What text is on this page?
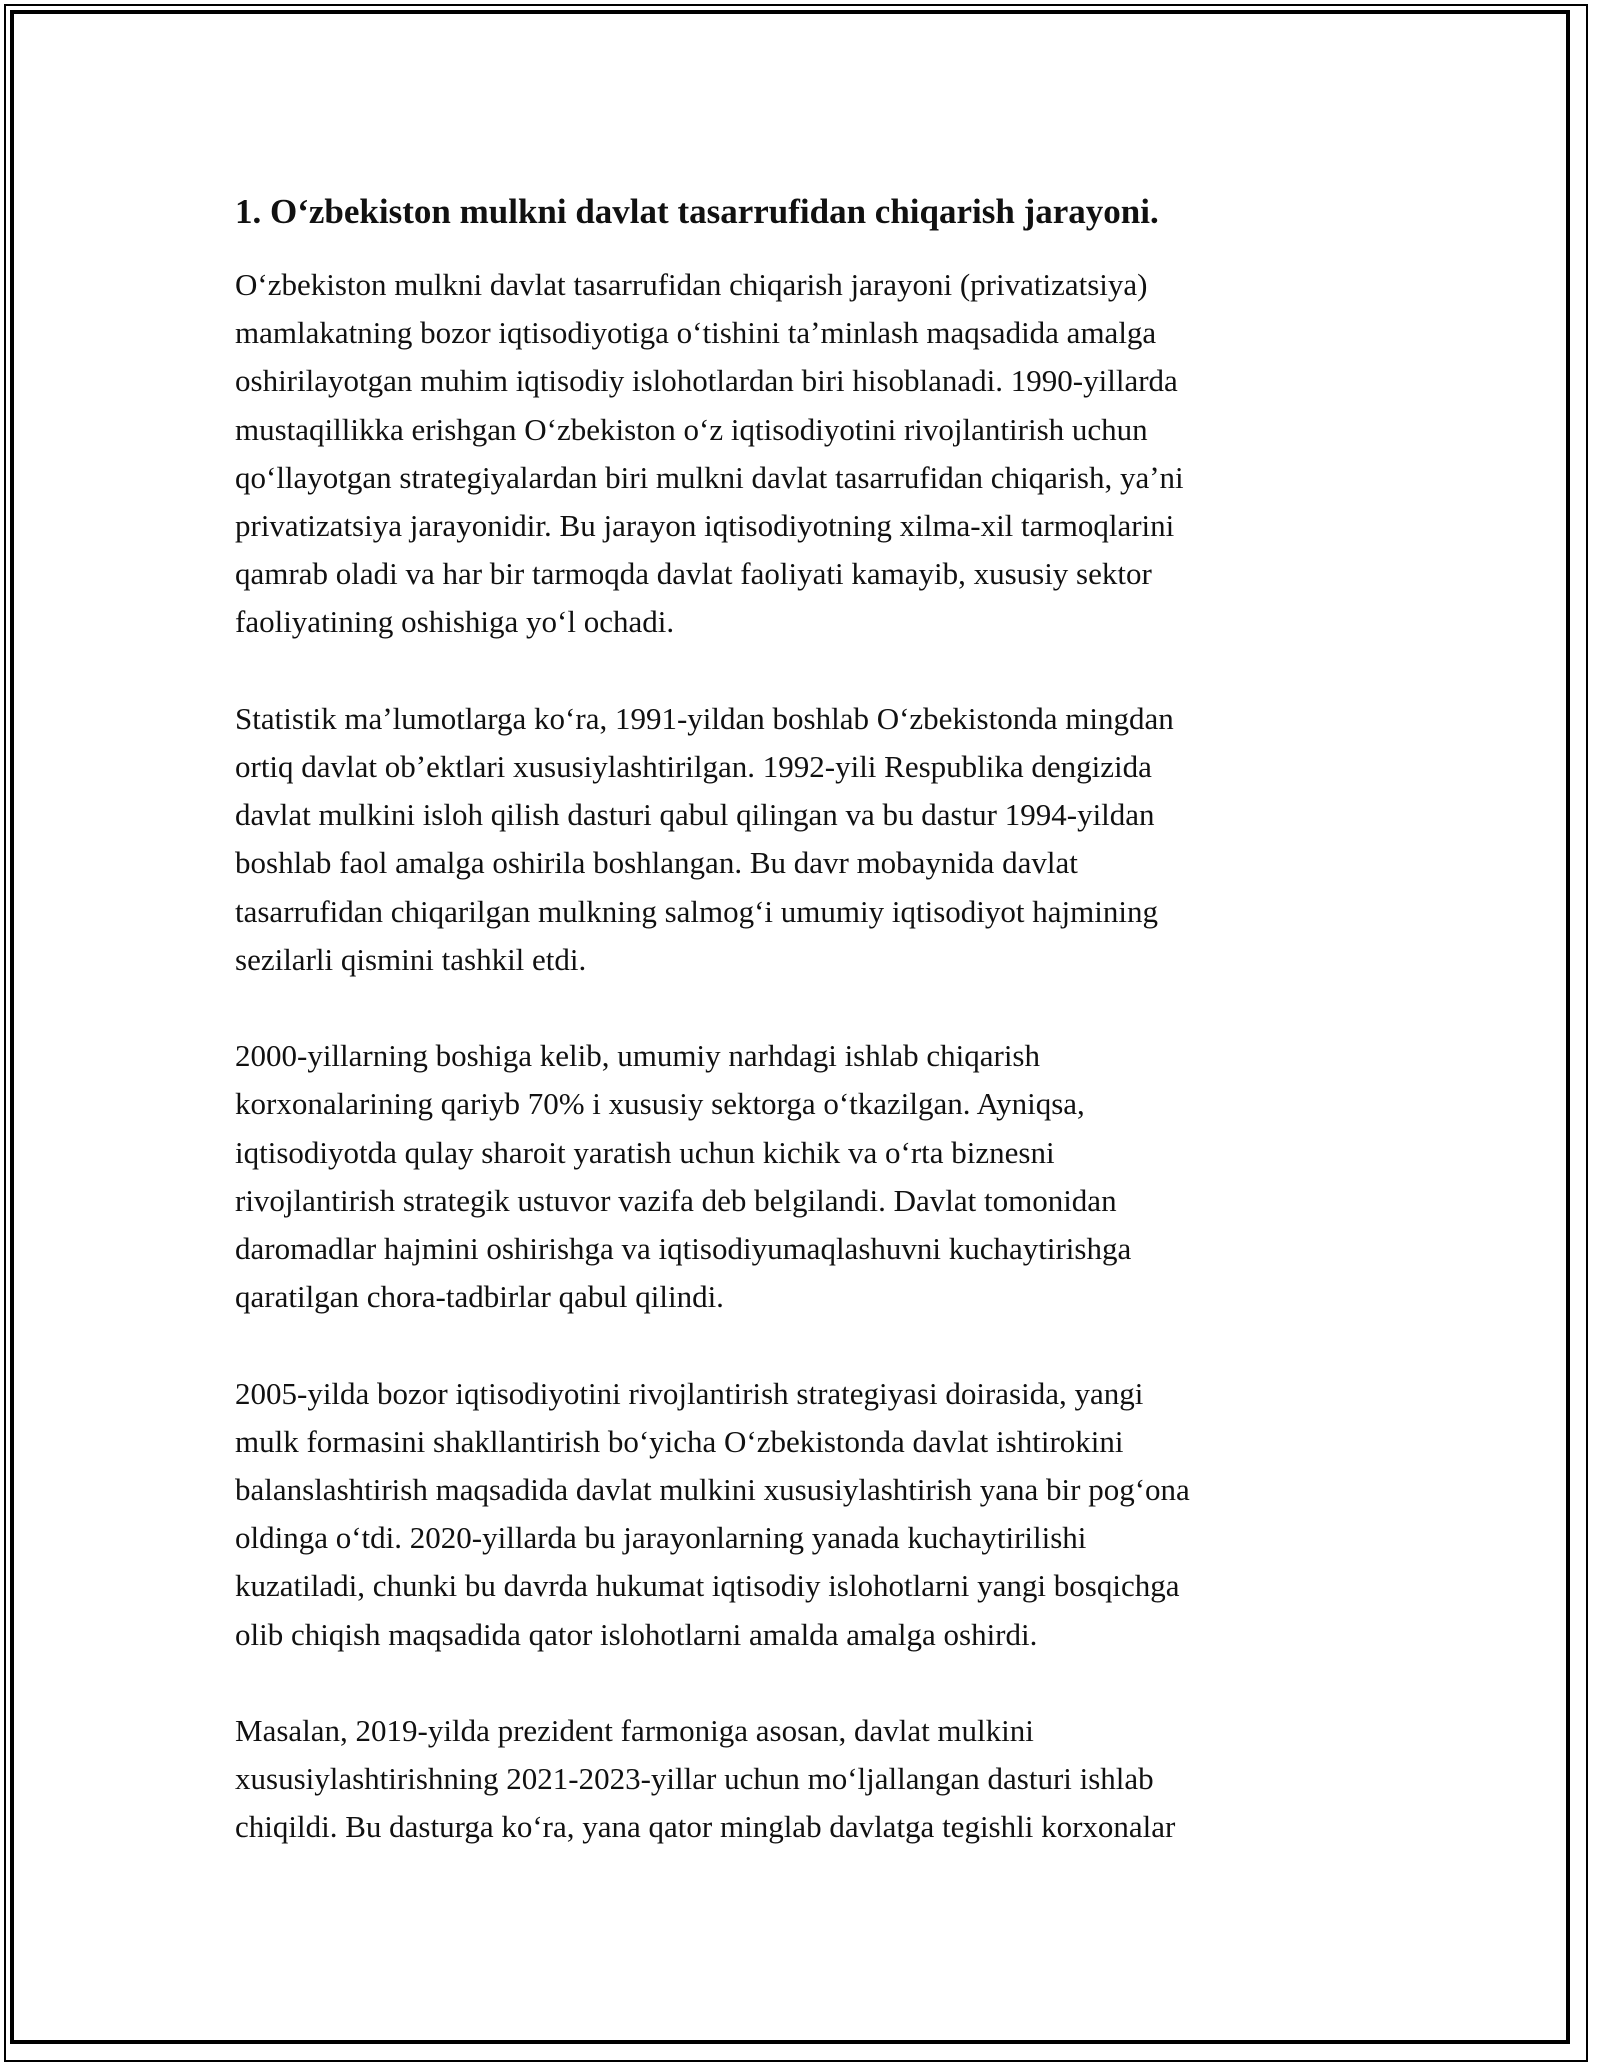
1. Oʻzbekiston mulkni davlat tasarrufidan chiqarish jarayoni.

Oʻzbekiston mulkni davlat tasarrufidan chiqarish jarayoni (privatizatsiya)
mamlakatning bozor iqtisodiyotiga oʻtishini taʼminlash maqsadida amalga
oshirilayotgan muhim iqtisodiy islohotlardan biri hisoblanadi. 1990-yillarda
mustaqillikka erishgan Oʻzbekiston oʻz iqtisodiyotini rivojlantirish uchun
qoʻllayotgan strategiyalardan biri mulkni davlat tasarrufidan chiqarish, yaʼni
privatizatsiya jarayonidir. Bu jarayon iqtisodiyotning xilma-xil tarmoqlarini
qamrab oladi va har bir tarmoqda davlat faoliyati kamayib, xususiy sektor
faoliyatining oshishiga yoʻl ochadi.

Statistik maʼlumotlarga koʻra, 1991-yildan boshlab Oʻzbekistonda mingdan
ortiq davlat obʼektlari xususiylashtirilgan. 1992-yili Respublika dengizida
davlat mulkini isloh qilish dasturi qabul qilingan va bu dastur 1994-yildan
boshlab faol amalga oshirila boshlangan. Bu davr mobaynida davlat
tasarrufidan chiqarilgan mulkning salmogʻi umumiy iqtisodiyot hajmining
sezilarli qismini tashkil etdi.

2000-yillarning boshiga kelib, umumiy narhdagi ishlab chiqarish
korxonalarining qariyb 70% i xususiy sektorga oʻtkazilgan. Ayniqsa,
iqtisodiyotda qulay sharoit yaratish uchun kichik va oʻrta biznesni
rivojlantirish strategik ustuvor vazifa deb belgilandi. Davlat tomonidan
daromadlar hajmini oshirishga va iqtisodiyumaqlashuvni kuchaytirishga
qaratilgan chora-tadbirlar qabul qilindi.

2005-yilda bozor iqtisodiyotini rivojlantirish strategiyasi doirasida, yangi
mulk formasini shakllantirish boʻyicha Oʻzbekistonda davlat ishtirokini
balanslashtirish maqsadida davlat mulkini xususiylashtirish yana bir pogʻona
oldinga oʻtdi. 2020-yillarda bu jarayonlarning yanada kuchaytirilishi
kuzatiladi, chunki bu davrda hukumat iqtisodiy islohotlarni yangi bosqichga
olib chiqish maqsadida qator islohotlarni amalda amalga oshirdi.

Masalan, 2019-yilda prezident farmoniga asosan, davlat mulkini
xususiylashtirishning 2021-2023-yillar uchun moʻljallangan dasturi ishlab
chiqildi. Bu dasturga koʻra, yana qator minglab davlatga tegishli korxonalar
